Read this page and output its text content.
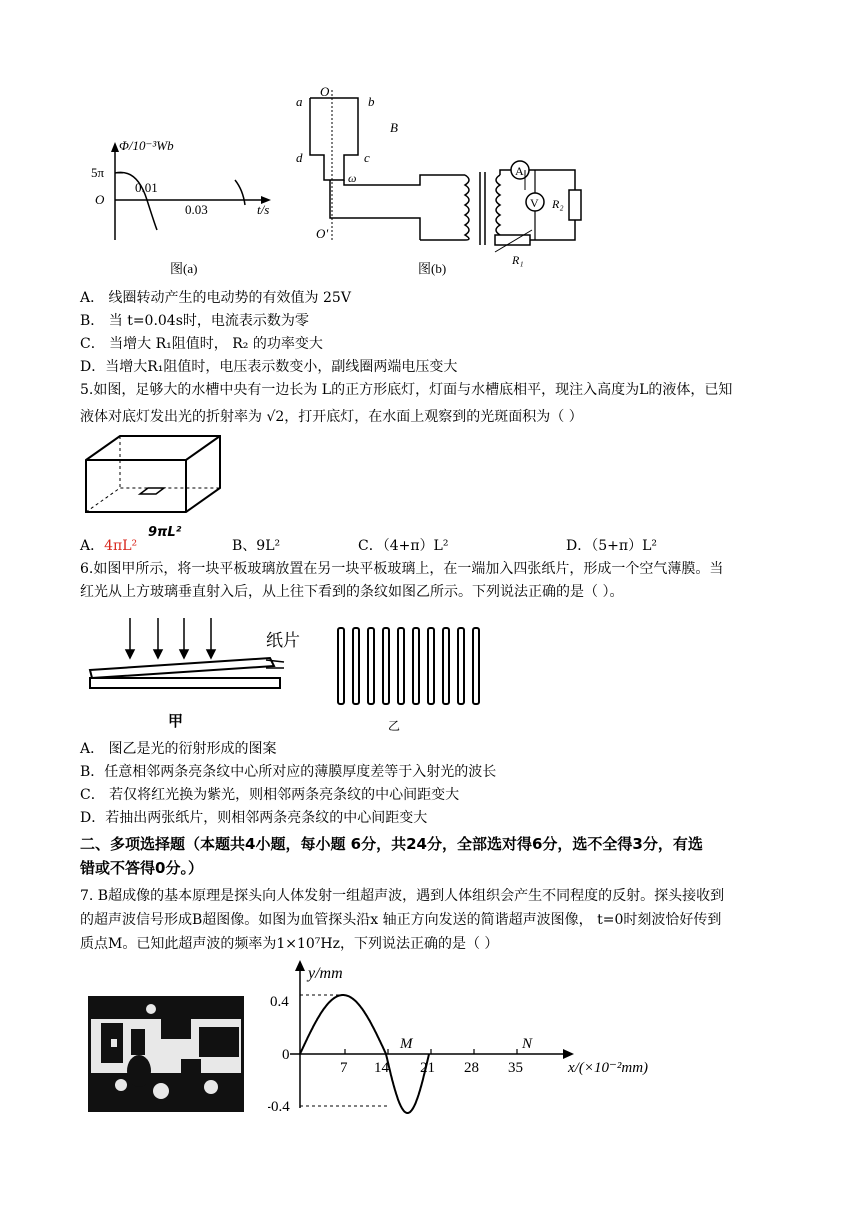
Φ/10⁻³Wb
5π
O
0.01
0.03	t/s
图(a)
O
a	b
B
d	c
ω
O'
A
V R₂
R₁
图(b)
A． 线圈转动产生的电动势的有效值为 25V
B． 当 t=0.04s时，电流表示数为零
C． 当增大 R₁阻值时， R₂ 的功率变大
D．当增大R₁阻值时，电压表示数变小，副线圈两端电压变大
5.如图，足够大的水槽中央有一边长为 L的正方形底灯，灯面与水槽底相平，现注入高度为L的液体，已知
液体对底灯发出光的折射率为 √2，打开底灯，在水面上观察到的光斑面积为（ ）
A．4πL²
9πL²
B、9L²	C．（4+π）L²	D．（5+π）L²
6.如图甲所示，将一块平板玻璃放置在另一块平板玻璃上，在一端加入四张纸片，形成一个空气薄膜。当
红光从上方玻璃垂直射入后，从上往下看到的条纹如图乙所示。下列说法正确的是（ ）。
纸片
甲	乙
A． 图乙是光的衍射形成的图案
B．任意相邻两条亮条纹中心所对应的薄膜厚度差等于入射光的波长
C． 若仅将红光换为紫光，则相邻两条亮条纹的中心间距变大
D．若抽出两张纸片，则相邻两条亮条纹的中心间距变大
二、多项选择题（本题共4小题，每小题 6分，共24分，全部选对得6分，选不全得3分，有选
错或不答得0分。）
7. B超成像的基本原理是探头向人体发射一组超声波，遇到人体组织会产生不同程度的反射。探头接收到
的超声波信号形成B超图像。如图为血管探头沿x 轴正方向发送的简谐超声波图像， t=0时刻波恰好传到
质点M。已知此超声波的频率为1×10⁷Hz，下列说法正确的是（ ）
y/mm
x/(×10⁻²mm)
0.4
0
-0.4
7 14 21 28 35
M	N
